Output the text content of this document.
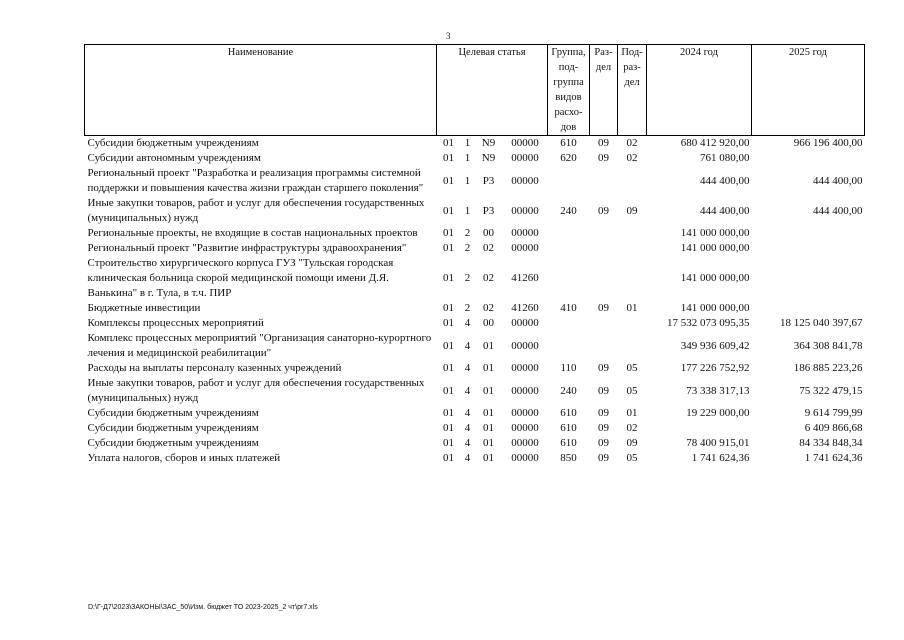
3
Наименование	Целевая статья				Группа, под-группа видов расхо-дов	Раз-дел	Под-раз-дел	2024 год	2025 год
Субсидии бюджетным учреждениям	01	1	N9	00000	610	09	02	680 412 920,00	966 196 400,00
Субсидии автономным учреждениям	01	1	N9	00000	620	09	02	761 080,00	
Региональный проект "Разработка и реализация программы системной поддержки и повышения качества жизни граждан старшего поколения"	01	1	P3	00000				444 400,00	444 400,00
Иные закупки товаров, работ и услуг для обеспечения государственных (муниципальных) нужд	01	1	P3	00000	240	09	09	444 400,00	444 400,00
Региональные проекты, не входящие в состав национальных проектов	01	2	00	00000				141 000 000,00	
Региональный проект "Развитие инфраструктуры здравоохранения"	01	2	02	00000				141 000 000,00	
Строительство хирургического корпуса ГУЗ "Тульская городская клиническая больница скорой медицинской помощи имени Д.Я. Ванькина" в г. Тула, в т.ч. ПИР	01	2	02	41260				141 000 000,00	
Бюджетные инвестиции	01	2	02	41260	410	09	01	141 000 000,00	
Комплексы процессных мероприятий	01	4	00	00000				17 532 073 095,35	18 125 040 397,67
Комплекс процессных мероприятий "Организация санаторно-курортного лечения и медицинской реабилитации"	01	4	01	00000				349 936 609,42	364 308 841,78
Расходы на выплаты персоналу казенных учреждений	01	4	01	00000	110	09	05	177 226 752,92	186 885 223,26
Иные закупки товаров, работ и услуг для обеспечения государственных (муниципальных) нужд	01	4	01	00000	240	09	05	73 338 317,13	75 322 479,15
Субсидии бюджетным учреждениям	01	4	01	00000	610	09	01	19 229 000,00	9 614 799,99
Субсидии бюджетным учреждениям	01	4	01	00000	610	09	02		6 409 866,68
Субсидии бюджетным учреждениям	01	4	01	00000	610	09	09	78 400 915,01	84 334 848,34
Уплата налогов, сборов и иных платежей	01	4	01	00000	850	09	05	1 741 624,36	1 741 624,36
D:\Г-Д7\2023\ЗАКОНЫ\ЗАС_50\Изм. бюджет ТО 2023-2025_2 чт\pr7.xls
